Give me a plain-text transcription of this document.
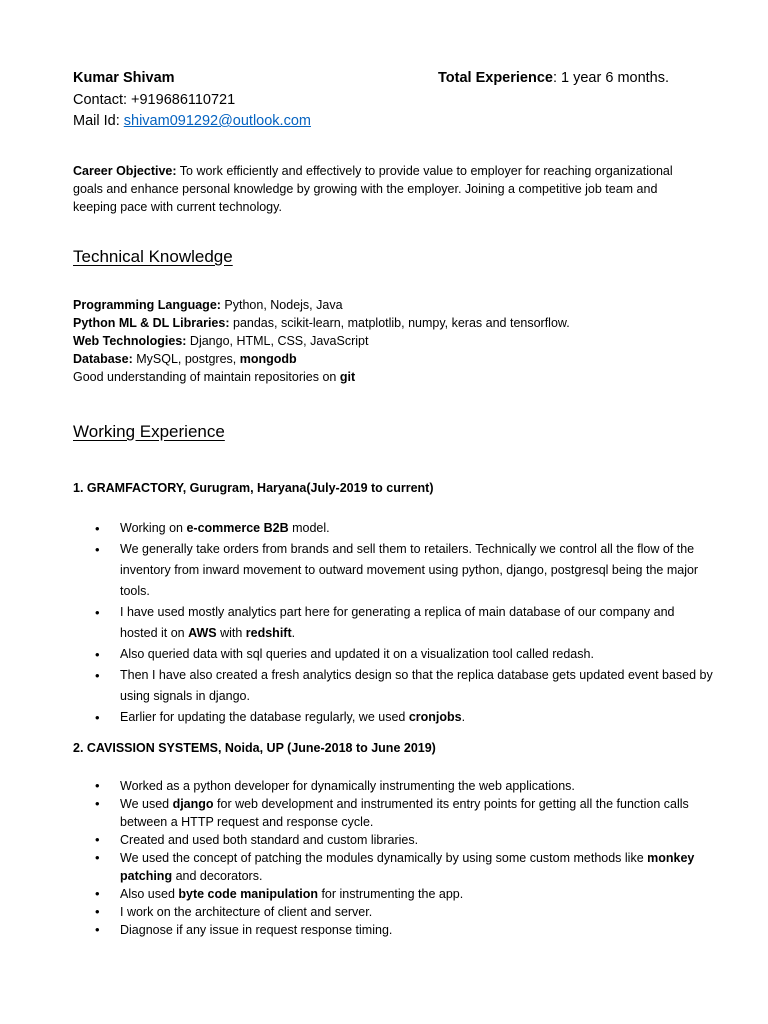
Kumar Shivam	Total Experience: 1 year 6 months.
Contact: +919686110721
Mail Id: shivam091292@outlook.com
Career Objective: To work efficiently and effectively to provide value to employer for reaching organizational goals and enhance personal knowledge by growing with the employer. Joining a competitive job team and keeping pace with current technology.
Technical Knowledge
Programming Language: Python, Nodejs, Java
Python ML & DL Libraries: pandas, scikit-learn, matplotlib, numpy, keras and tensorflow.
Web Technologies: Django, HTML, CSS, JavaScript
Database: MySQL, postgres, mongodb
Good understanding of maintain repositories on git
Working Experience
1. GRAMFACTORY, Gurugram, Haryana(July-2019 to current)
• Working on e-commerce B2B model.
• We generally take orders from brands and sell them to retailers. Technically we control all the flow of the inventory from inward movement to outward movement using python, django, postgresql being the major tools.
• I have used mostly analytics part here for generating a replica of main database of our company and hosted it on AWS with redshift.
• Also queried data with sql queries and updated it on a visualization tool called redash.
• Then I have also created a fresh analytics design so that the replica database gets updated event based by using signals in django.
• Earlier for updating the database regularly, we used cronjobs.
2. CAVISSION SYSTEMS, Noida, UP (June-2018 to June 2019)
• Worked as a python developer for dynamically instrumenting the web applications.
• We used django for web development and instrumented its entry points for getting all the function calls between a HTTP request and response cycle.
• Created and used both standard and custom libraries.
• We used the concept of patching the modules dynamically by using some custom methods like monkey patching and decorators.
• Also used byte code manipulation for instrumenting the app.
• I work on the architecture of client and server.
• Diagnose if any issue in request response timing.
